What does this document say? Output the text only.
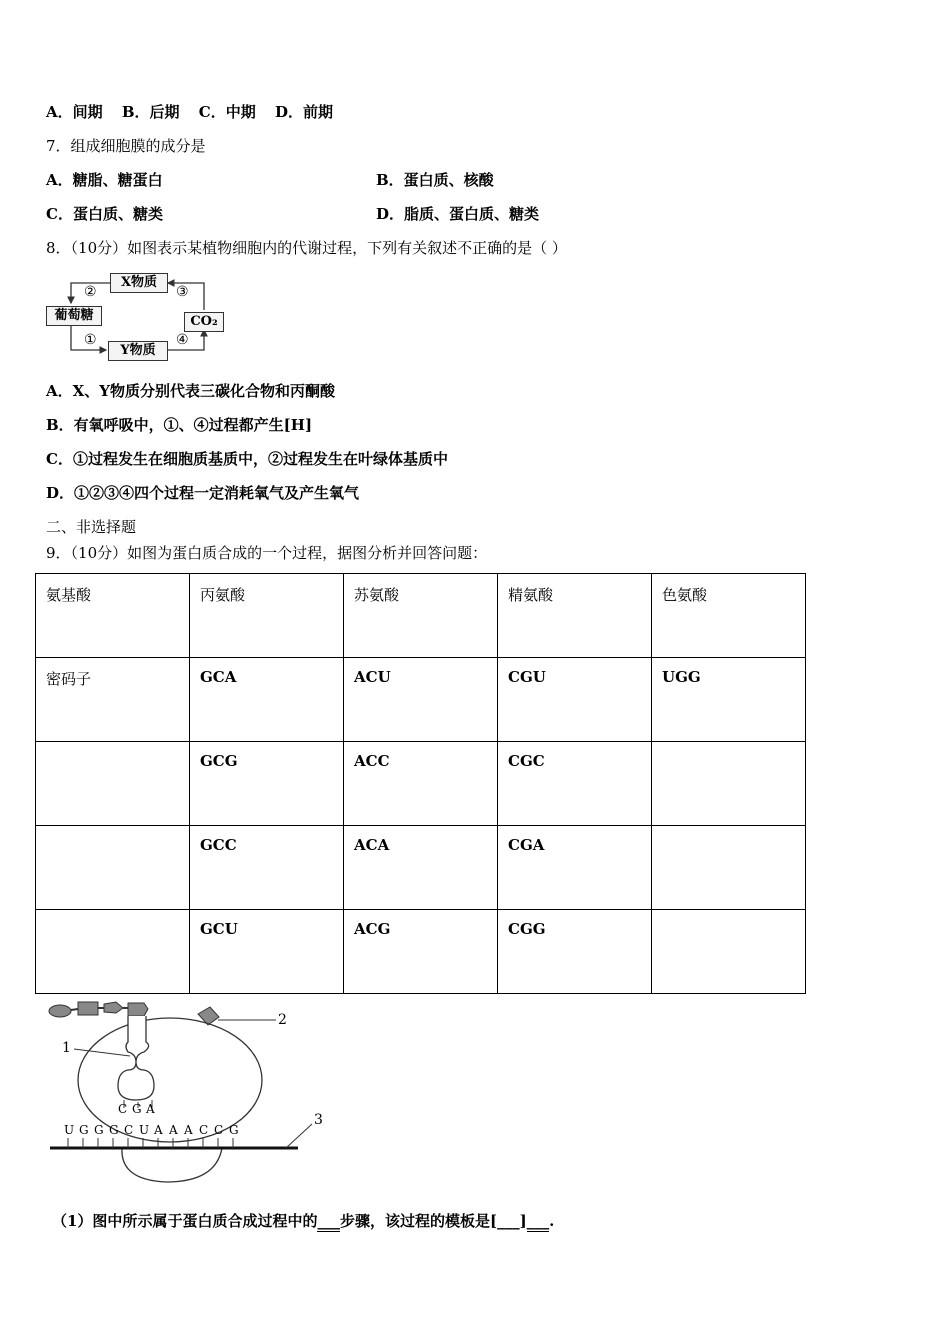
A．间期 B．后期 C．中期 D．前期
7．组成细胞膜的成分是
A．糖脂、糖蛋白	B．蛋白质、核酸
C．蛋白质、糖类	D．脂质、蛋白质、糖类
8．（10分）如图表示某植物细胞内的代谢过程，下列有关叙述不正确的是（ ）
X物质
葡萄糖	CO₂
Y物质
②	③
①	④
A．X、Y物质分别代表三碳化合物和丙酮酸
B．有氧呼吸中，①、④过程都产生[H]
C．①过程发生在细胞质基质中，②过程发生在叶绿体基质中
D．①②③④四个过程一定消耗氧气及产生氧气
二、非选择题
9．（10分）如图为蛋白质合成的一个过程，据图分析并回答问题：
氨基酸	丙氨酸	苏氨酸	精氨酸	色氨酸
密码子	GCA	ACU	CGU	UGG
	GCG	ACC	CGC	
	GCC	ACA	CGA	
	GCU	ACG	CGG	
1
2
3
C G A
U G G G C U A A A C C G
（1）图中所示属于蛋白质合成过程中的___步骤，该过程的模板是[___]___.
